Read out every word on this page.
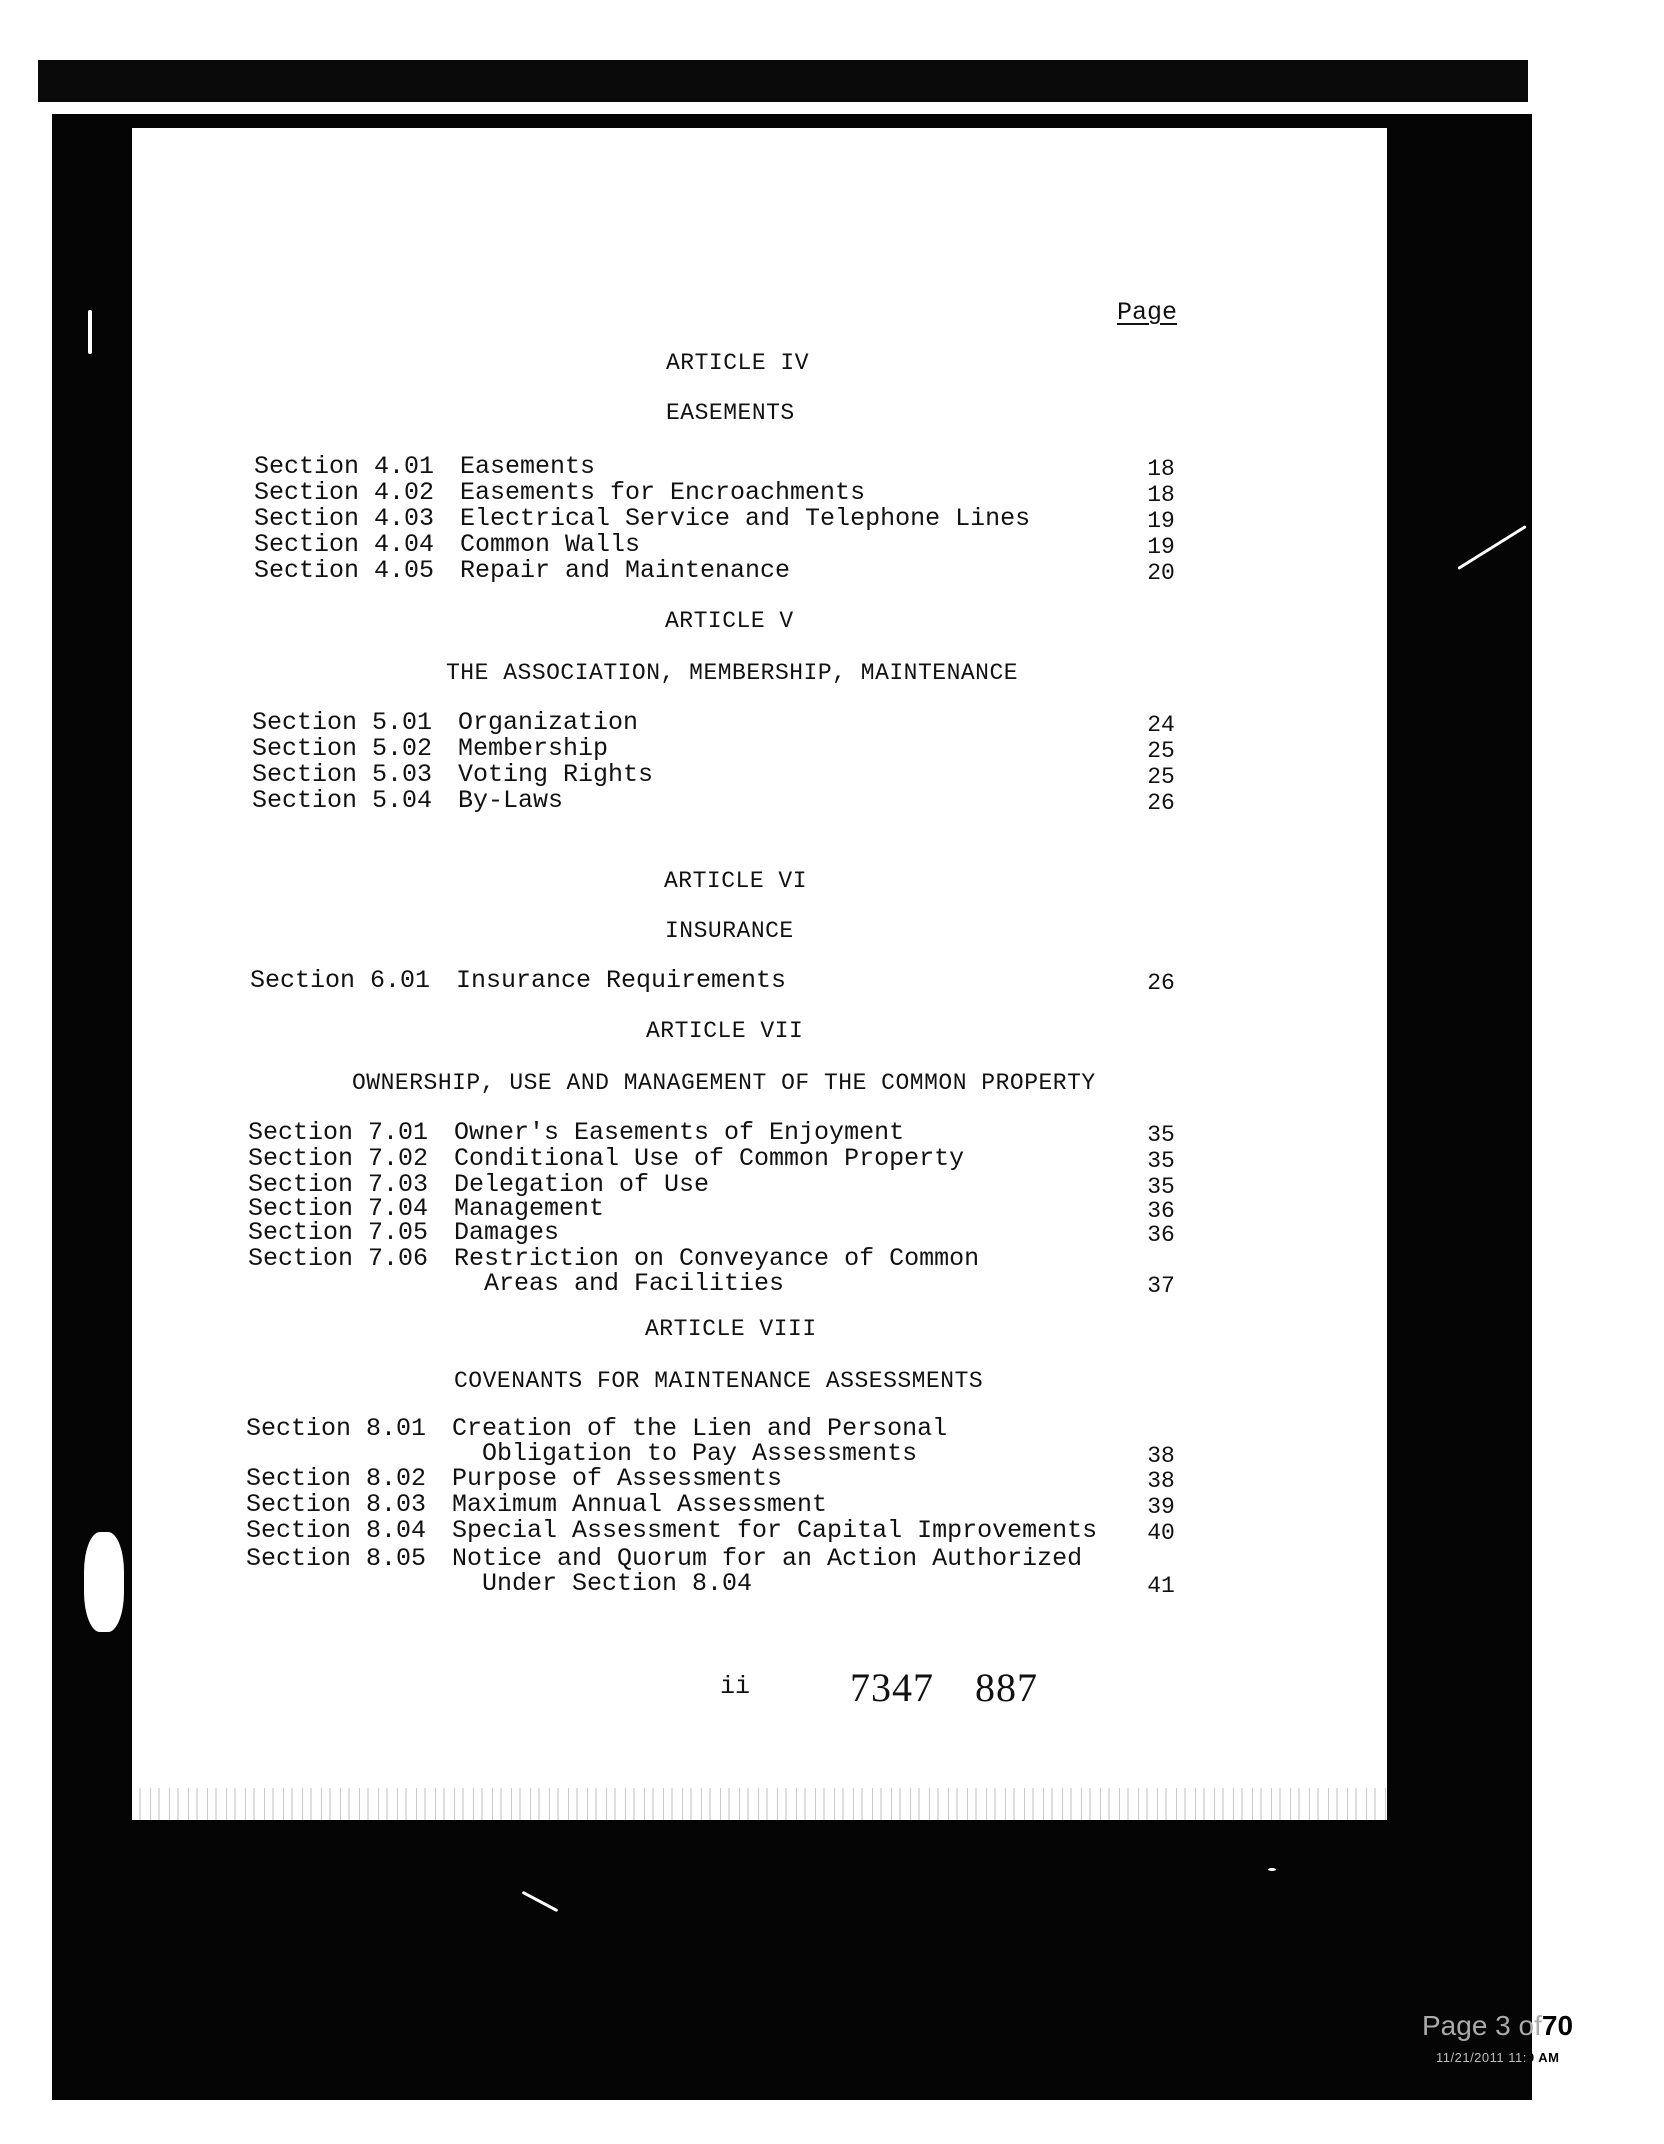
Page
ARTICLE IV
EASEMENTS
Section 4.01 Easements	18
Section 4.02 Easements for Encroachments	18
Section 4.03 Electrical Service and Telephone Lines	19
Section 4.04 Common Walls	19
Section 4.05 Repair and Maintenance	20
ARTICLE V
THE ASSOCIATION, MEMBERSHIP, MAINTENANCE
Section 5.01 Organization	24
Section 5.02 Membership	25
Section 5.03 Voting Rights	25
Section 5.04 By-Laws	26
ARTICLE VI
INSURANCE
Section 6.01 Insurance Requirements	26
ARTICLE VII
OWNERSHIP, USE AND MANAGEMENT OF THE COMMON PROPERTY
Section 7.01 Owner's Easements of Enjoyment	35
Section 7.02 Conditional Use of Common Property	35
Section 7.03 Delegation of Use	35
Section 7.04 Management	36
Section 7.05 Damages	36
Section 7.06 Restriction on Conveyance of Common
Areas and Facilities	37
ARTICLE VIII
COVENANTS FOR MAINTENANCE ASSESSMENTS
Section 8.01 Creation of the Lien and Personal
Obligation to Pay Assessments	38
Section 8.02 Purpose of Assessments	38
Section 8.03 Maximum Annual Assessment	39
Section 8.04 Special Assessment for Capital Improvements 40
Section 8.05 Notice and Quorum for an Action Authorized
Under Section 8.04	41
ii 7347 887
Page 3 of70
11/21/2011 11:9 AM
